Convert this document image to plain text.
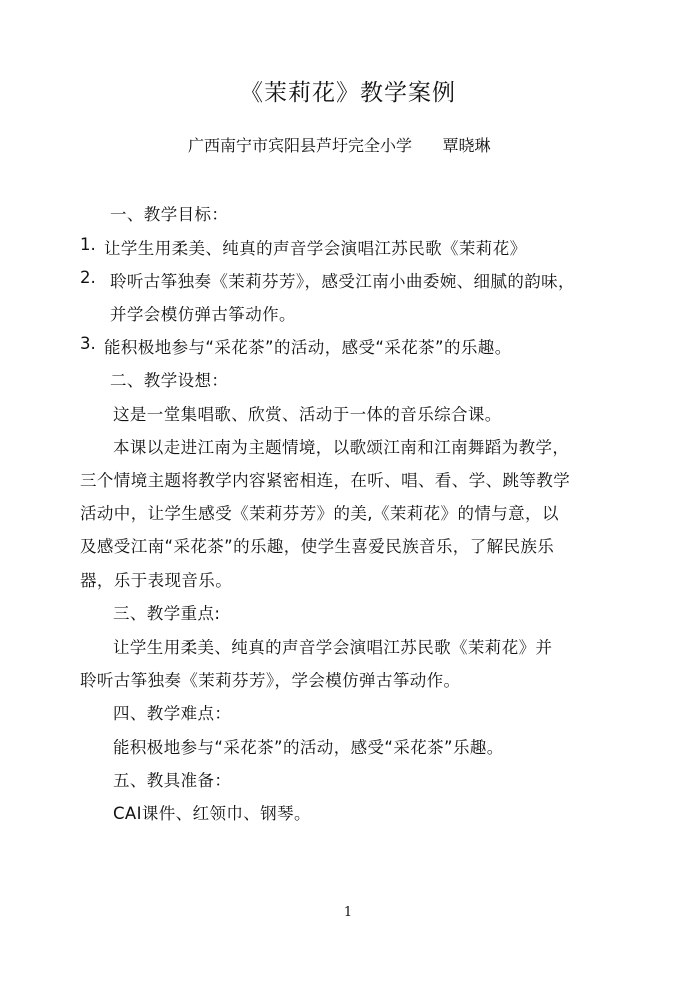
《茉莉花》教学案例
广西南宁市宾阳县芦圩完全小学      覃晓琳
一、教学目标：
1. 让学生用柔美、纯真的声音学会演唱江苏民歌《茉莉花》
2. 聆听古筝独奏《茉莉芬芳》，感受江南小曲委婉、细腻的韵味，
并学会模仿弹古筝动作。
3. 能积极地参与“采花茶”的活动，感受“采花茶”的乐趣。
二、教学设想：
这是一堂集唱歌、欣赏、活动于一体的音乐综合课。
本课以走进江南为主题情境，以歌颂江南和江南舞蹈为教学，
三个情境主题将教学内容紧密相连，在听、唱、看、学、跳等教学
活动中，让学生感受《茉莉芬芳》的美,《茉莉花》的情与意，以
及感受江南“采花茶”的乐趣，使学生喜爱民族音乐，了解民族乐
器，乐于表现音乐。
三、教学重点:
让学生用柔美、纯真的声音学会演唱江苏民歌《茉莉花》并
聆听古筝独奏《茉莉芬芳》，学会模仿弹古筝动作。
四、教学难点：
能积极地参与“采花茶”的活动，感受“采花茶”乐趣。
五、教具准备：
CAI课件、红领巾、钢琴。
1
